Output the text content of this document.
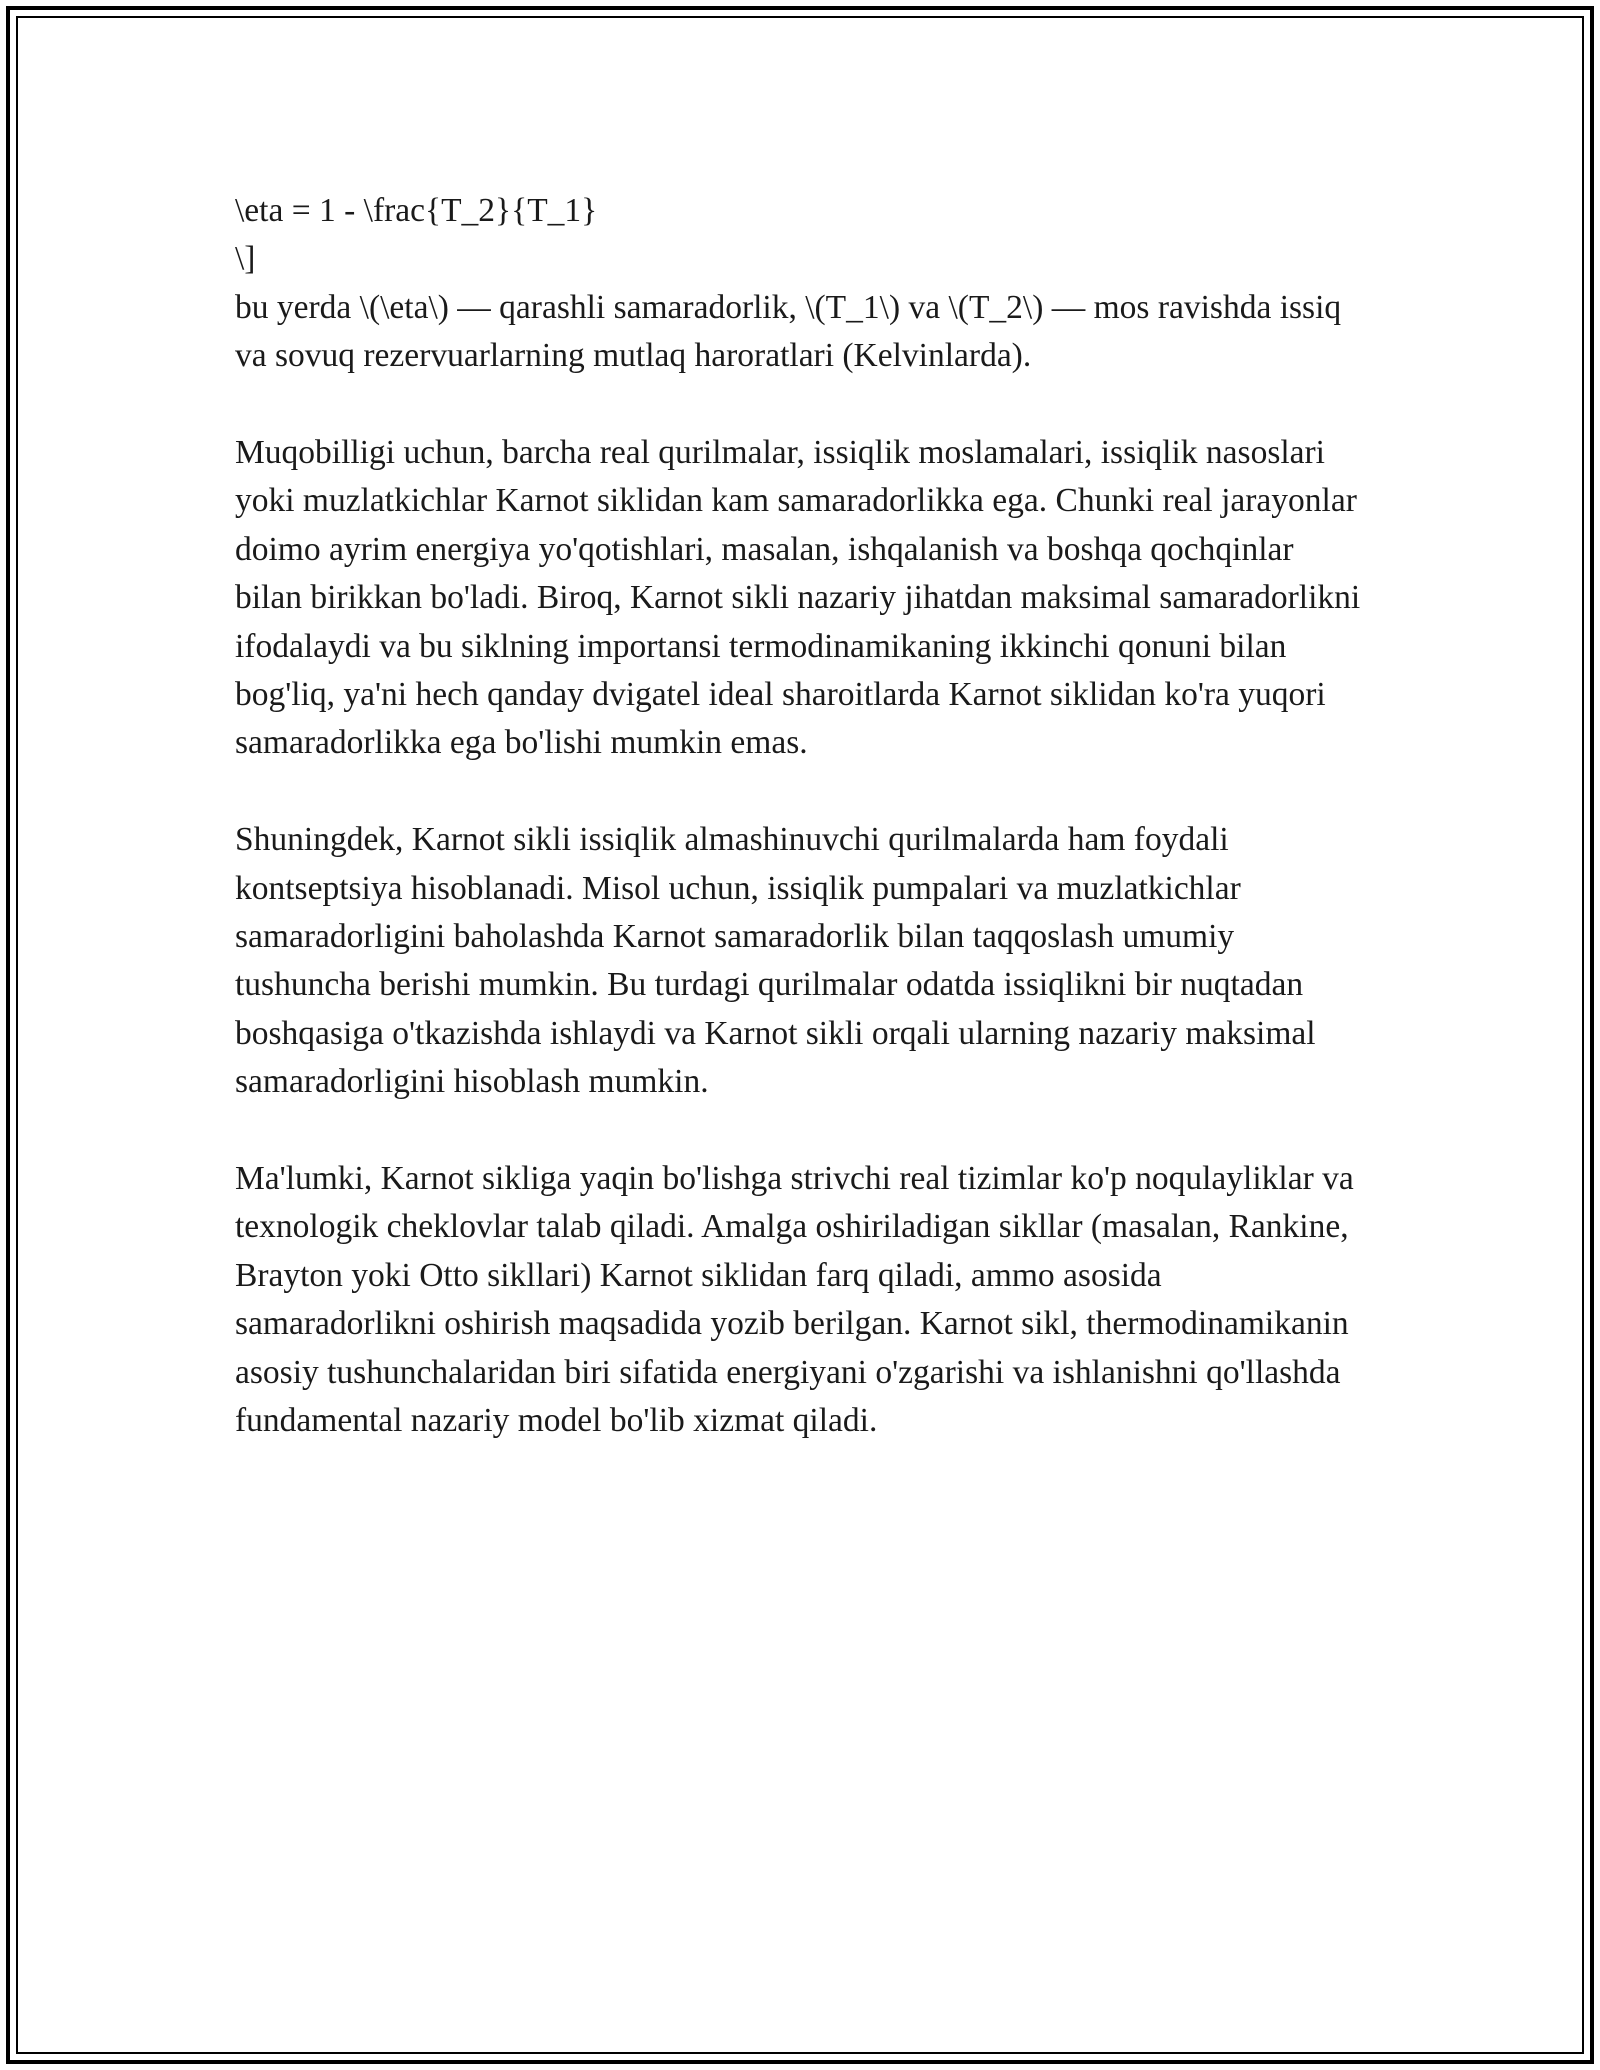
\eta = 1 - \frac{T_2}{T_1}
\]
bu yerda \(\eta\) — qarashli samaradorlik, \(T_1\) va \(T_2\) — mos ravishda issiq va sovuq rezervuarlarning mutlaq haroratlari (Kelvinlarda).

Muqobilligi uchun, barcha real qurilmalar, issiqlik moslamalari, issiqlik nasoslari yoki muzlatkichlar Karnot siklidan kam samaradorlikka ega. Chunki real jarayonlar doimo ayrim energiya yo'qotishlari, masalan, ishqalanish va boshqa qochqinlar bilan birikkan bo'ladi. Biroq, Karnot sikli nazariy jihatdan maksimal samaradorlikni ifodalaydi va bu siklning importansi termodinamikaning ikkinchi qonuni bilan bog'liq, ya'ni hech qanday dvigatel ideal sharoitlarda Karnot siklidan ko'ra yuqori samaradorlikka ega bo'lishi mumkin emas.

Shuningdek, Karnot sikli issiqlik almashinuvchi qurilmalarda ham foydali kontseptsiya hisoblanadi. Misol uchun, issiqlik pumpalari va muzlatkichlar samaradorligini baholashda Karnot samaradorlik bilan taqqoslash umumiy tushuncha berishi mumkin. Bu turdagi qurilmalar odatda issiqlikni bir nuqtadan boshqasiga o'tkazishda ishlaydi va Karnot sikli orqali ularning nazariy maksimal samaradorligini hisoblash mumkin.

Ma'lumki, Karnot sikliga yaqin bo'lishga strivchi real tizimlar ko'p noqulayliklar va texnologik cheklovlar talab qiladi. Amalga oshiriladigan sikllar (masalan, Rankine, Brayton yoki Otto sikllari) Karnot siklidan farq qiladi, ammo asosida samaradorlikni oshirish maqsadida yozib berilgan. Karnot sikl, thermodinamikanin asosiy tushunchalaridan biri sifatida energiyani o'zgarishi va ishlanishni qo'llashda fundamental nazariy model bo'lib xizmat qiladi.
